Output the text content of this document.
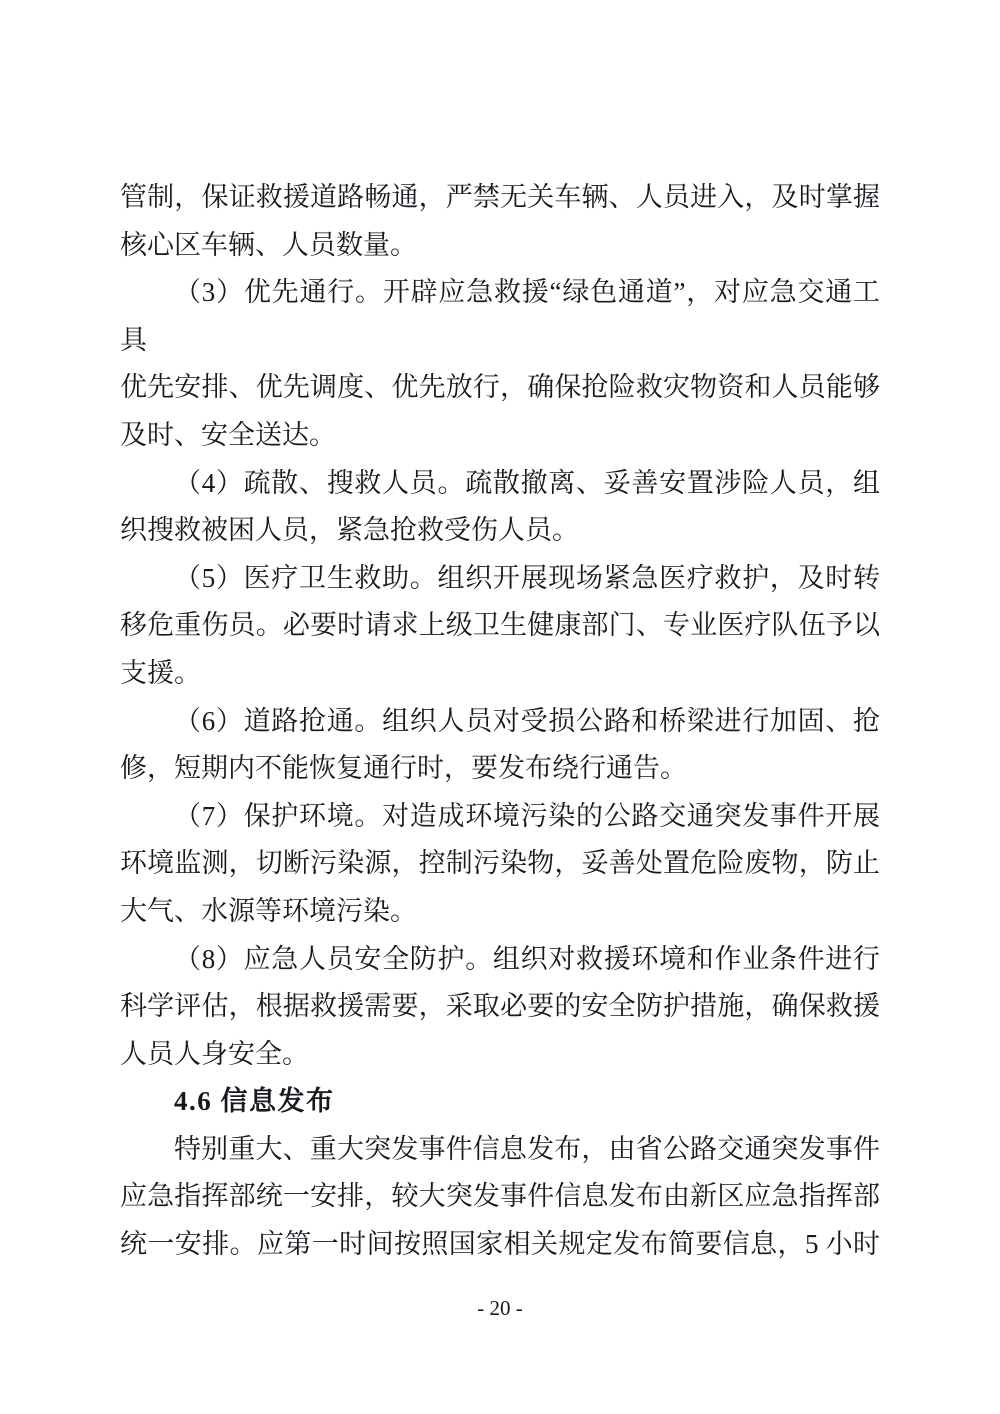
管制，保证救援道路畅通，严禁无关车辆、人员进入，及时掌握
核心区车辆、人员数量。
（3）优先通行。开辟应急救援“绿色通道”，对应急交通工具
优先安排、优先调度、优先放行，确保抢险救灾物资和人员能够
及时、安全送达。
（4）疏散、搜救人员。疏散撤离、妥善安置涉险人员，组
织搜救被困人员，紧急抢救受伤人员。
（5）医疗卫生救助。组织开展现场紧急医疗救护，及时转
移危重伤员。必要时请求上级卫生健康部门、专业医疗队伍予以
支援。
（6）道路抢通。组织人员对受损公路和桥梁进行加固、抢
修，短期内不能恢复通行时，要发布绕行通告。
（7）保护环境。对造成环境污染的公路交通突发事件开展
环境监测，切断污染源，控制污染物，妥善处置危险废物，防止
大气、水源等环境污染。
（8）应急人员安全防护。组织对救援环境和作业条件进行
科学评估，根据救援需要，采取必要的安全防护措施，确保救援
人员人身安全。
4.6 信息发布
特别重大、重大突发事件信息发布，由省公路交通突发事件
应急指挥部统一安排，较大突发事件信息发布由新区应急指挥部
统一安排。应第一时间按照国家相关规定发布简要信息，5 小时
- 20 -
